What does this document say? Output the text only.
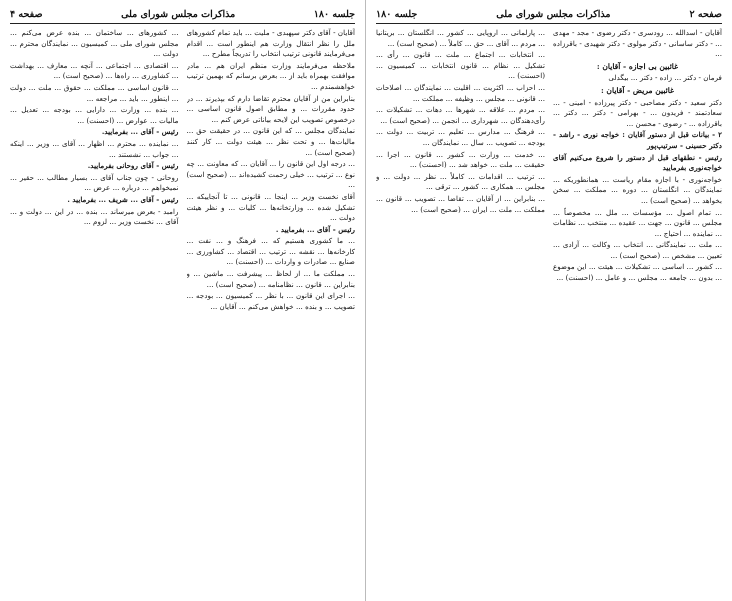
جلسه ۱۸۰
مذاکرات مجلس شورای ملی
صفحه ۴

آقایان - آقای دکتر سپهبدی - ملیت ... باید تمام کشورهای ملل را نظر انتقال وزارت هم اینطور است ... اقدام می‌فرمایند قانونی ترتیب انتخاب را تدریجاً مطرح ...

ملاحظه می‌فرمایند وزارت منظم ایران هم ... مادر موافقت بهمراه باید از ... بعرض برسانم که بهمین ترتیب خواهشمندم ...

بنابراین من از آقایان محترم تقاضا دارم که بپذیرند ... در حدود مقررات ... و مطابق اصول قانون اساسی ... درخصوص تصویب این لایحه بیاناتی عرض کنم ...

نمایندگان مجلس ... که این قانون ... در حقیقت حق ... مالیات‌ها ... و تحت نظر ... هیئت دولت ... کار کنند (صحیح است) ...

... درجه اول این قانون را ... آقایان ... که معاونت ... چه نوع ... ترتیب ... خیلی زحمت کشیده‌اند ... (صحیح است) ...

آقای نخست وزیر ... اینجا ... قانونی ... تا آنجاییکه ... تشکیل شده ... وزارتخانه‌ها ... کلیات ... و نظر هیئت دولت ...

رئیس - آقای ... بفرمایید .

... ما کشوری هستیم که ... فرهنگ و ... نفت ... کارخانه‌ها ... نقشه ... ترتیب ... اقتصاد ... کشاورزی ... صنایع ... صادرات و واردات ... (احسنت) ...

... مملکت ما ... از لحاظ ... پیشرفت ... ماشین ... و بنابراین ... قانون ... نظامنامه ... (صحیح است) ...

... اجرای این قانون ... با نظر ... کمیسیون ... بودجه ... تصویب ... و بنده ... خواهش می‌کنم ... آقایان ...

... کشورهای ... ساختمان ... بنده عرض می‌کنم ... مجلس شورای ملی ... کمیسیون ... نمایندگان محترم ... دولت ...

... اقتصادی ... اجتماعی ... آنچه ... معارف ... بهداشت ... کشاورزی ... راه‌ها ... (صحیح است) ...

... قانون اساسی ... مملکت ... حقوق ... ملت ... دولت ... اینطور ... باید ... مراجعه ...

... بنده ... وزارت ... دارایی ... بودجه ... تعدیل ... مالیات ... عوارض ... (احسنت) ...

رئیس - آقای ... بفرمایید.

... نماینده ... محترم ... اظهار ... آقای ... وزیر ... اینکه ... جواب ... نشستند ...

رئیس - آقای روحانی بفرمایید.

روحانی - چون جناب آقای ... بسیار مطالب ... حقیر ... نمیخواهم ... درباره ... عرض ...

رئیس - آقای ... شریف ... بفرمایید .

رامبد - بعرض میرساند ... بنده ... در این ... دولت و ... آقای ... نخست وزیر ... لزوم ...

صفحه ۲
مذاکرات مجلس شورای ملی
جلسه ۱۸۰

آقایان - اسدالله ... رودسری - دکتر رضوی - مجد - مهدی ... - دکتر ساسانی - دکتر مولوی - دکتر شهیدی - باقرزاده ...

غائبین بی اجازه - آقایان :

فرمان - دکتر ... زاده - دکتر ... بیگدلی

غائبین مریض - آقایان :

دکتر سعید - دکتر مصاحبی - دکتر پیرزاده - امینی - ... سعادتمند - فریدون ... - بهرامی - دکتر ... دکتر ... باقرزاده ... - رضوی - محسن ...

۲ - بیانات قبل از دستور آقایان : خواجه نوری - راشد - دکتر حسینی - سرتیپ‌پور

رئیس - نطقهای قبل از دستور را شروع می‌کنیم آقای خواجه‌نوری بفرمایید

خواجه‌نوری - با اجازه مقام ریاست ... همانطوریکه ... نمایندگان ... انگلستان ... دوره ... مملکت ... سخن بخواهد ... (صحیح است) ...

... تمام اصول ... مؤسسات ... ملل ... مخصوصاً ... مجلس ... قانون ... جهت ... عقیده ... منتخب ... نظامات ... نماینده ... احتیاج ...

... ملت ... نمایندگانی ... انتخاب ... وکالت ... آزادی ... تعیین ... مشخص ... (صحیح است) ...

... کشور ... اساسی ... تشکیلات ... هیئت ... این موضوع ... بدون ... جامعه ... مجلس ... و عامل ... (احسنت) ...

... پارلمانی ... اروپایی ... کشور ... انگلستان ... بریتانیا ... مردم ... آقای ... حق ... کاملاً ... (صحیح است) ...

... انتخابات ... اجتماع ... ملت ... قانون ... رأی ... تشکیل ... نظام ... قانون انتخابات ... کمیسیون ... (احسنت) ...

... احزاب ... اکثریت ... اقلیت ... نمایندگان ... اصلاحات ... قانونی ... مجلس ... وظیفه ... مملکت ...

... مردم ... علاقه ... شهرها ... دهات ... تشکیلات ... رأی‌دهندگان ... شهرداری ... انجمن ... (صحیح است) ...

... فرهنگ ... مدارس ... تعلیم ... تربیت ... دولت ... بودجه ... تصویب ... سال ... نمایندگان ...

... خدمت ... وزارت ... کشور ... قانون ... اجرا ... حقیقت ... ملت ... خواهد شد ... (احسنت) ...

... ترتیب ... اقدامات ... کاملاً ... نظر ... دولت ... و مجلس ... همکاری ... کشور ... ترقی ...

... بنابراین ... از آقایان ... تقاضا ... تصویب ... قانون ... مملکت ... ملت ... ایران ... (صحیح است) ...
